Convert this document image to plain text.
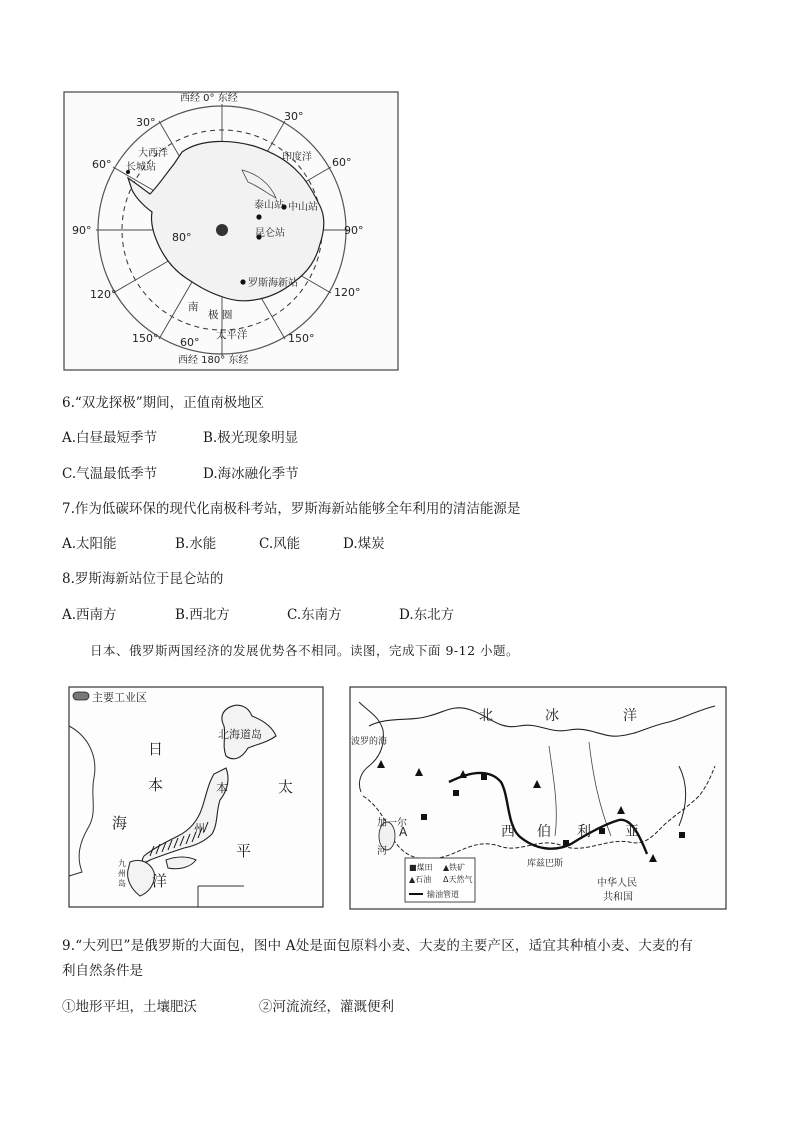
西经 0° 东经
西经 180° 东经
30°	30°
60°	60°
90°	90°
120°	120°
150°	150°
60°
80°
大西洋
长城站
印度洋
泰山站 中山站
昆仑站
罗斯海新站
南
极 圈
太平洋
6.“双龙探极”期间，正值南极地区
A.白昼最短季节	B.极光现象明显
C.气温最低季节	D.海冰融化季节
7.作为低碳环保的现代化南极科考站，罗斯海新站能够全年利用的清洁能源是
A.太阳能	B.水能	C.风能	D.煤炭
8.罗斯海新站位于昆仑站的
A.西南方	B.西北方	C.东南方	D.东北方
日本、俄罗斯两国经济的发展优势各不相同。读图，完成下面 9-12 小题。
主要工业区
北海道岛
日
本
海
太
平
洋
本
州
九
州
岛
北	冰	洋
波罗的海
西 伯 利 亚
加一尔
河
A
库兹巴斯
中华人民
共和国
■煤田 ▲铁矿
▲石油 Δ天然气
输油管道
9.“大列巴”是俄罗斯的大面包，图中 A处是面包原料小麦、大麦的主要产区，适宜其种植小麦、大麦的有
利自然条件是
①地形平坦，土壤肥沃	②河流流经，灌溉便利
